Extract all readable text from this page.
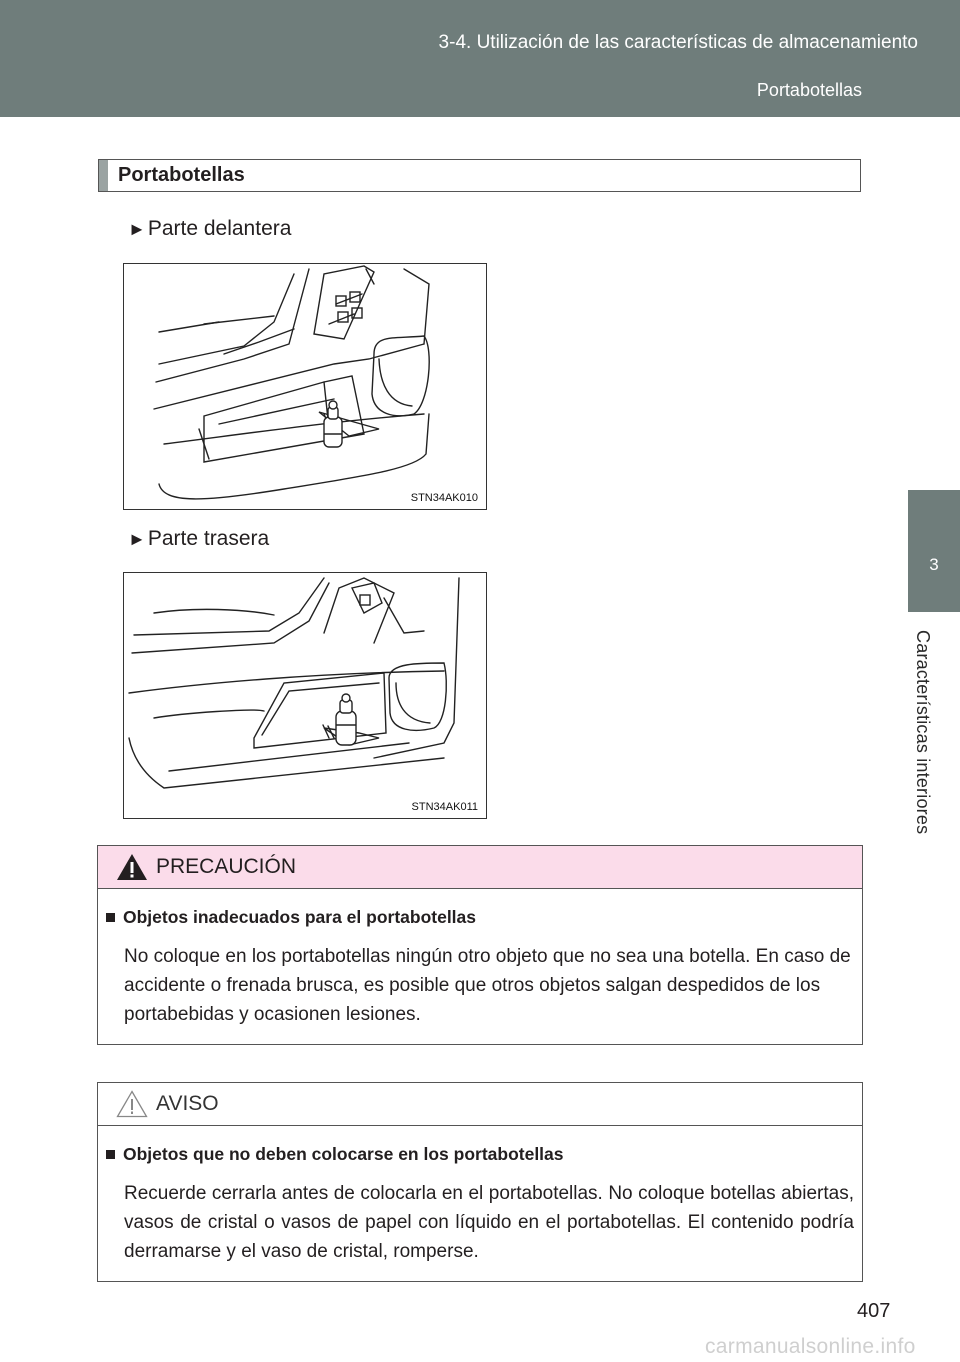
3-4. Utilización de las características de almacenamiento
Portabotellas
3
Características interiores
Portabotellas
►Parte delantera
STN34AK010
►Parte trasera
STN34AK011
PRECAUCIÓN
Objetos inadecuados para el portabotellas
No coloque en los portabotellas ningún otro objeto que no sea una botella. En caso de accidente o frenada brusca, es posible que otros objetos salgan despedidos de los portabebidas y ocasionen lesiones.
AVISO
Objetos que no deben colocarse en los portabotellas
Recuerde cerrarla antes de colocarla en el portabotellas. No coloque botellas abiertas, vasos de cristal o vasos de papel con líquido en el portabotellas. El contenido podría derramarse y el vaso de cristal, romperse.
407
carmanualsonline.info
